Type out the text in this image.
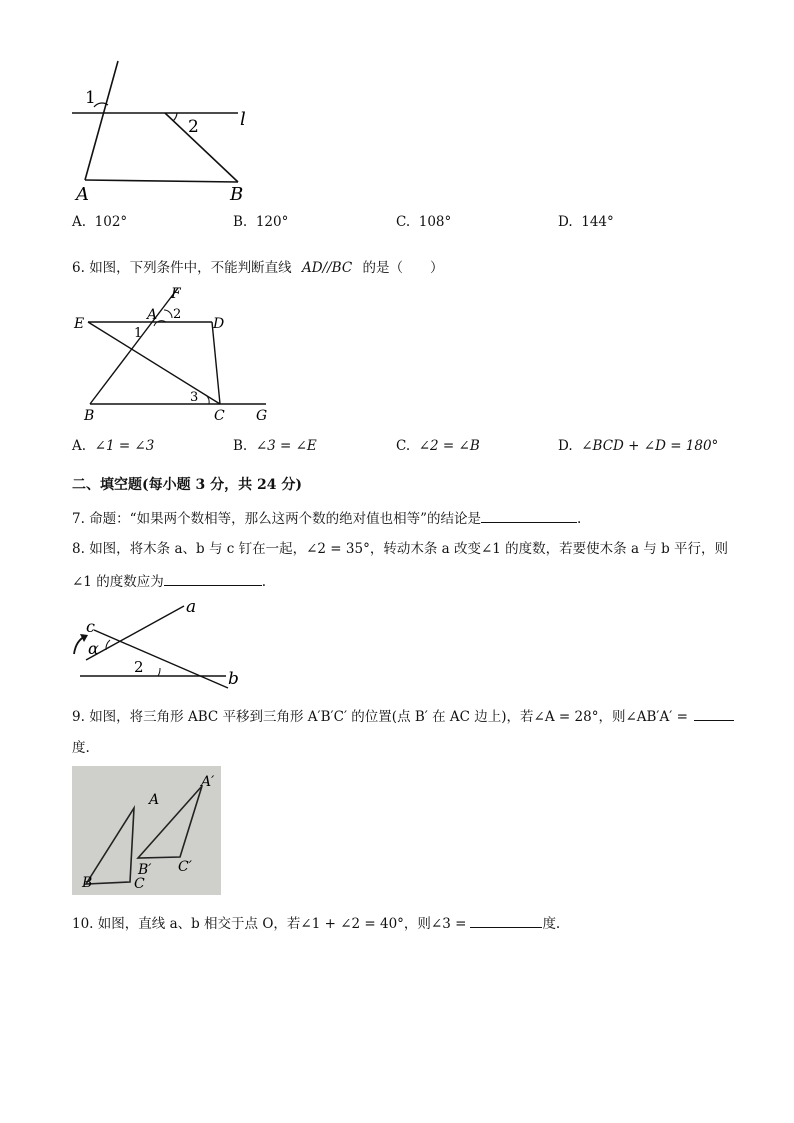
1
2 l
A	B
A. 102°	B. 120°	C. 108°	D. 144°
6. 如图，下列条件中，不能判断直线 AD//BC 的是（　　）
F
A 2
D
E
1
3
B	C G
A. ∠1 = ∠3	B. ∠3 = ∠E	C. ∠2 = ∠B	D. ∠BCD + ∠D = 180°
二、填空题(每小题 3 分，共 24 分)
7. 命题：“如果两个数相等，那么这两个数的绝对值也相等”的结论是	.
8. 如图，将木条 a、b 与 c 钉在一起，∠2 = 35°，转动木条 a 改变∠1 的度数，若要使木条 a 与 b 平行，则
∠1 的度数应为	.
a
b
c
α
2
9. 如图，将三角形 ABC 平移到三角形 A′B′C′ 的位置(点 B′ 在 AC 边上)，若∠A = 28°，则∠AB′A′ =
度.
A
A′
B
B′
C
C′
10. 如图，直线 a、b 相交于点 O，若∠1 + ∠2 = 40°，则∠3 =	度.
